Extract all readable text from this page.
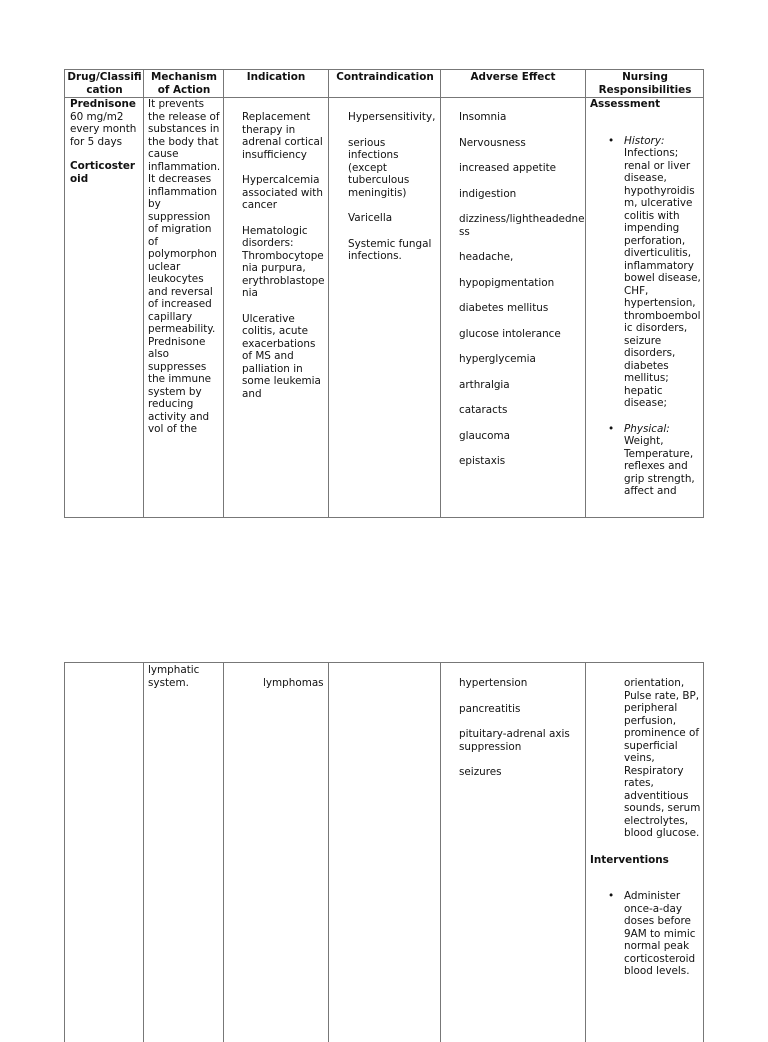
Drug/Classification
Mechanism of Action
Indication	Contraindication	Adverse Effect	Nursing Responsibilities

Prednisone

60 mg/m2 every month for 5 days

Corticosteroid

It prevents the release of substances in the body that cause inflammation. It decreases inflammation by suppression of migration of polymorphonuclear leukocytes and reversal of increased capillary permeability. Prednisone also suppresses the immune system by reducing activity and vol of the
• Replacement therapy in adrenal cortical insufficiency
• Hypercalcemia associated with cancer
• Hematologic disorders: Thrombocytopenia purpura, erythroblastopenia
• Ulcerative colitis, acute exacerbations of MS and palliation in some leukemia and
• Hypersensitivity,
• serious infections (except tuberculous meningitis)
• Varicella
• Systemic fungal infections.
• Insomnia
• Nervousness
• increased appetite
• indigestion
• dizziness/lightheadedness
• headache,
• hypopigmentation
• diabetes mellitus
• glucose intolerance
• hyperglycemia
• arthralgia
• cataracts
• glaucoma
• epistaxis

Assessment

• History: Infections; renal or liver disease, hypothyroidism, ulcerative colitis with impending perforation, diverticulitis, inflammatory bowel disease, CHF, hypertension, thromboembolic disorders, seizure disorders, diabetes mellitus; hepatic disease;
• Physical: Weight, Temperature, reflexes and grip strength, affect and
lymphatic system.	lymphomas
•	hypertension
• pancreatitis
• pituitary-adrenal axis suppression
• seizures

orientation, Pulse rate, BP, peripheral perfusion, prominence of superficial veins, Respiratory rates, adventitious sounds, serum electrolytes, blood glucose.

Interventions

• Administer once-a-day doses before 9AM to mimic normal peak corticosteroid blood levels.
